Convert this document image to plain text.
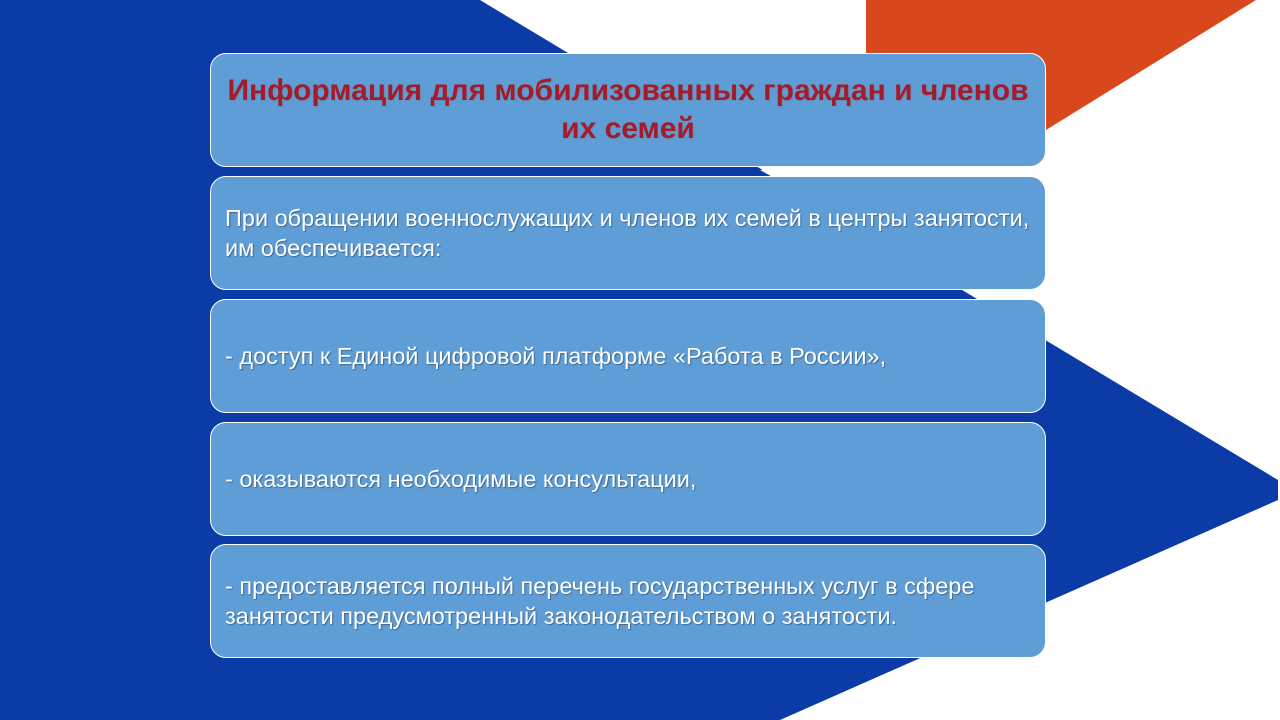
Информация для мобилизованных граждан и членов их семей
При обращении военнослужащих и членов их семей в центры занятости, им обеспечивается:
- доступ к Единой цифровой платформе «Работа в России»,
- оказываются необходимые консультации,
- предоставляется полный перечень государственных услуг в сфере занятости предусмотренный законодательством о занятости.
